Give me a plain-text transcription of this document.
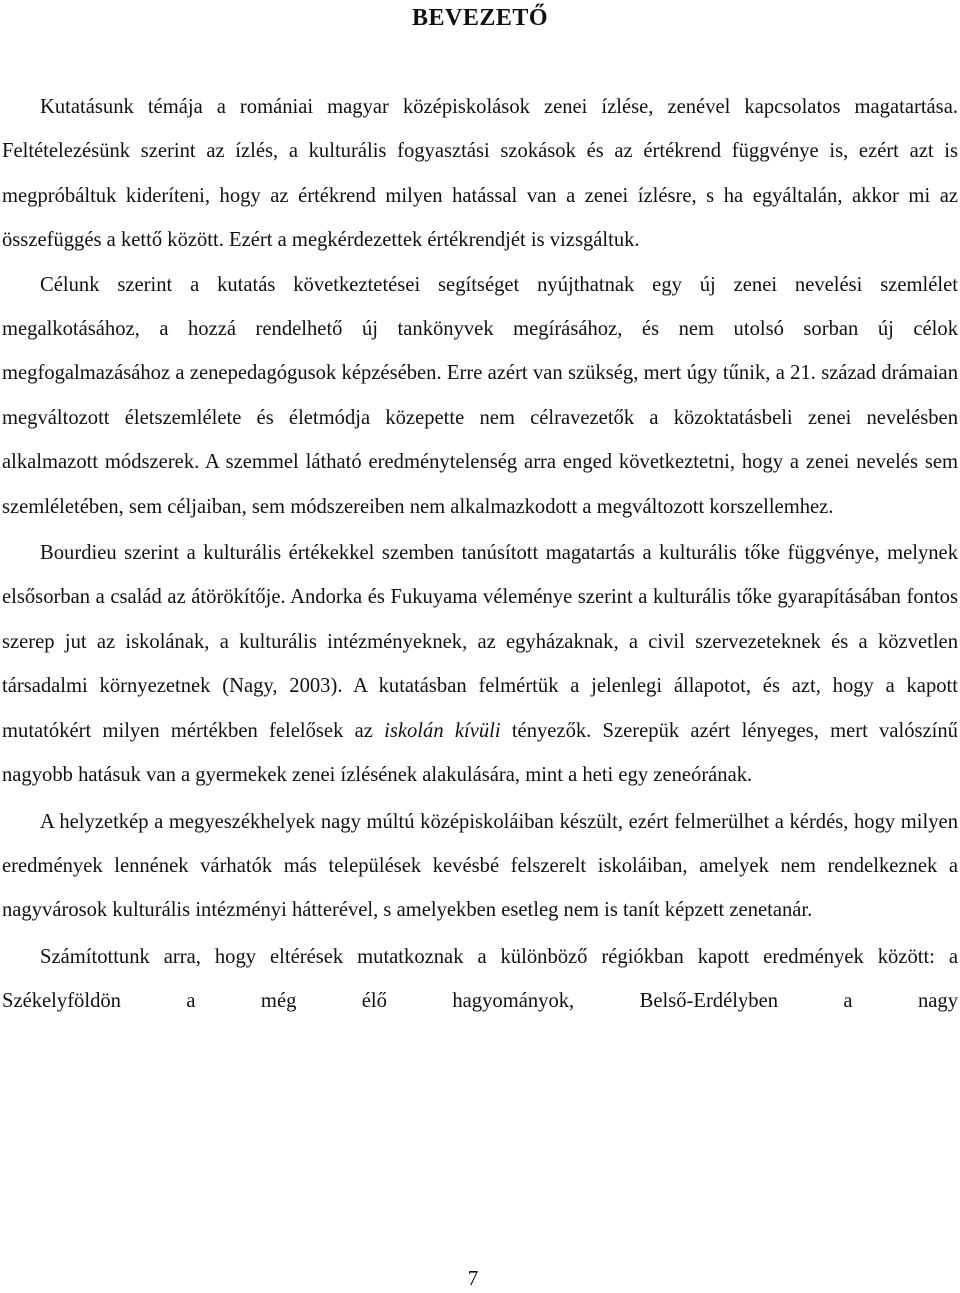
BEVEZETŐ

Kutatásunk témája a romániai magyar középiskolások zenei ízlése, zenével kapcsolatos magatartása. Feltételezésünk szerint az ízlés, a kulturális fogyasztási szokások és az értékrend függvénye is, ezért azt is megpróbáltuk kideríteni, hogy az értékrend milyen hatással van a zenei ízlésre, s ha egyáltalán, akkor mi az összefüggés a kettő között. Ezért a megkérdezettek értékrendjét is vizsgáltuk.

Célunk szerint a kutatás következtetései segítséget nyújthatnak egy új zenei nevelési szemlélet megalkotásához, a hozzá rendelhető új tankönyvek megírásához, és nem utolsó sorban új célok megfogalmazásához a zenepedagógusok képzésében. Erre azért van szükség, mert úgy tűnik, a 21. század drámaian megváltozott életszemlélete és életmódja közepette nem célravezetők a közoktatásbeli zenei nevelésben alkalmazott módszerek. A szemmel látható eredménytelenség arra enged következtetni, hogy a zenei nevelés sem szemléletében, sem céljaiban, sem módszereiben nem alkalmazkodott a megváltozott korszellemhez.

Bourdieu szerint a kulturális értékekkel szemben tanúsított magatartás a kulturális tőke függvénye, melynek elsősorban a család az átörökítője. Andorka és Fukuyama véleménye szerint a kulturális tőke gyarapításában fontos szerep jut az iskolának, a kulturális intézményeknek, az egyházaknak, a civil szervezeteknek és a közvetlen társadalmi környezetnek (Nagy, 2003). A kutatásban felmértük a jelenlegi állapotot, és azt, hogy a kapott mutatókért milyen mértékben felelősek az iskolán kívüli tényezők. Szerepük azért lényeges, mert valószínű nagyobb hatásuk van a gyermekek zenei ízlésének alakulására, mint a heti egy zeneórának.

A helyzetkép a megyeszékhelyek nagy múltú középiskoláiban készült, ezért felmerülhet a kérdés, hogy milyen eredmények lennének várhatók más települések kevésbé felszerelt iskoláiban, amelyek nem rendelkeznek a nagyvárosok kulturális intézményi hátterével, s amelyekben esetleg nem is tanít képzett zenetanár.

Számítottunk arra, hogy eltérések mutatkoznak a különböző régiókban kapott eredmények között: a Székelyföldön a még élő hagyományok, Belső-Erdélyben a nagy

7
